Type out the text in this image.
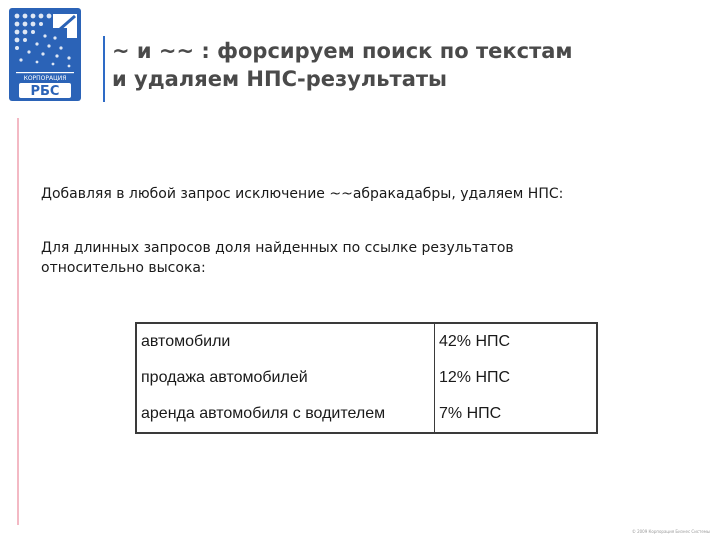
КОРПОРАЦИЯ
РБС
~ и ~~ : форсируем поиск по текстам
и удаляем НПС-результаты
Добавляя в любой запрос исключение ~~абракадабры, удаляем НПС:
Для длинных запросов доля найденных по ссылке результатов
относительно высока:
автомобили	42% НПС
продажа автомобилей	12% НПС
аренда автомобиля с водителем	7% НПС
© 2009 Корпорация Бизнес Системы
